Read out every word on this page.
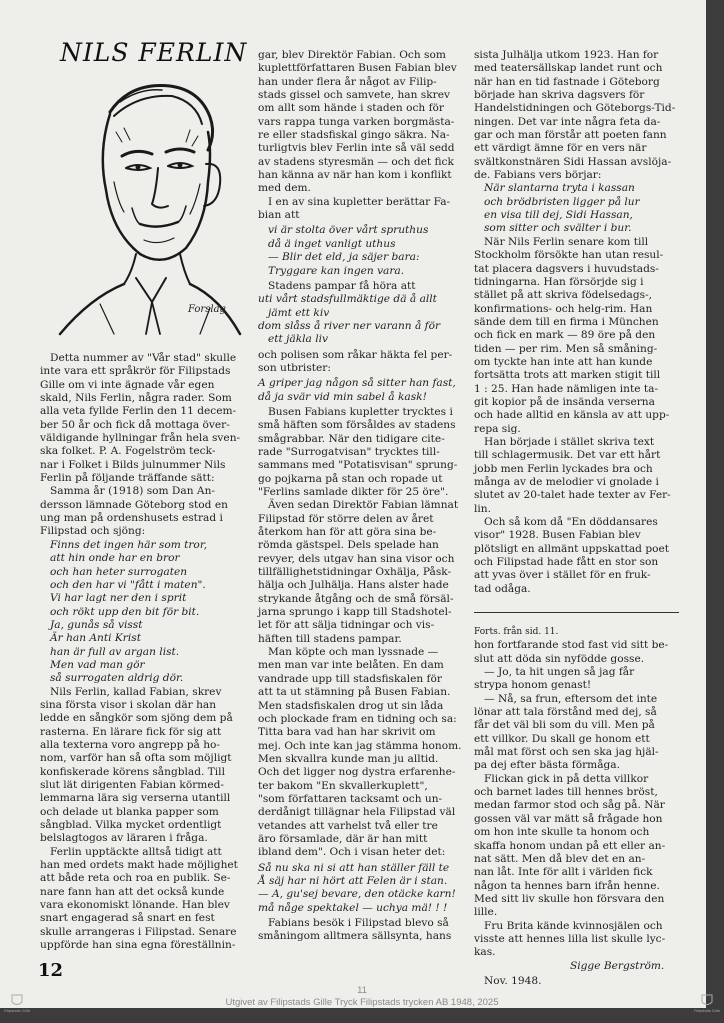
NILS FERLIN
Forslag

Detta nummer av "Vår stad" skulle

inte vara ett språkrör för Filipstads

Gille om vi inte ägnade vår egen

skald, Nils Ferlin, några rader. Som

alla veta fyllde Ferlin den 11 decem-

ber 50 år och fick då mottaga över-

väldigande hyllningar från hela sven-

ska folket. P. A. Fogelström teck-

nar i Folket i Bilds julnummer Nils

Ferlin på följande träffande sätt:

Samma år (1918) som Dan An-

dersson lämnade Göteborg stod en

ung man på ordenshusets estrad i

Filipstad och sjöng:

Finns det ingen här som tror,

att hin onde har en bror

och han heter surrogaten

och den har vi "fått i maten".

Vi har lagt ner den i sprit

och rökt upp den bit för bit.

Ja, gunås så visst

Är han Anti Krist

han är full av argan list.

Men vad man gör

så surrogaten aldrig dör.

Nils Ferlin, kallad Fabian, skrev

sina första visor i skolan där han

ledde en sångkör som sjöng dem på

rasterna. En lärare fick för sig att

alla texterna voro angrepp på ho-

nom, varför han så ofta som möjligt

konfiskerade körens sångblad. Till

slut lät dirigenten Fabian körmed-

lemmarna lära sig verserna utantill

och delade ut blanka papper som

sångblad. Vilka mycket ordentligt

belslagtogos av läraren i fråga.

Ferlin upptäckte alltså tidigt att

han med ordets makt hade möjlighet

att både reta och roa en publik. Se-

nare fann han att det också kunde

vara ekonomiskt lönande. Han blev

snart engagerad så snart en fest

skulle arrangeras i Filipstad. Senare

uppförde han sina egna föreställnin-

gar, blev Direktör Fabian. Och som

kuplettförfattaren Busen Fabian blev

han under flera år något av Filip-

stads gissel och samvete, han skrev

om allt som hände i staden och för

vars rappa tunga varken borgmästa-

re eller stadsfiskal gingo säkra. Na-

turligtvis blev Ferlin inte så väl sedd

av stadens styresmän — och det fick

han känna av när han kom i konflikt

med dem.

I en av sina kupletter berättar Fa-

bian att

vi är stolta över vårt spruthus

då ä inget vanligt uthus

— Blir det eld, ja säjer bara:

Tryggare kan ingen vara.

Stadens pampar få höra att

uti vårt stadsfullmäktige dä å allt

jämt ett kiv

dom slåss å river ner varann å för

ett jäkla liv

och polisen som råkar häkta fel per-

son utbrister:

A griper jag någon så sitter han fast,

då ja svär vid min sabel å kask!

Busen Fabians kupletter trycktes i

små häften som försåldes av stadens

smågrabbar. När den tidigare cite-

rade "Surrogatvisan" trycktes till-

sammans med "Potatisvisan" sprung-

go pojkarna på stan och ropade ut

"Ferlins samlade dikter för 25 öre".

Även sedan Direktör Fabian lämnat

Filipstad för större delen av året

återkom han för att göra sina be-

römda gästspel. Dels spelade han

revyer, dels utgav han sina visor och

tillfällighetstidningar Oxhälja, Påsk-

hälja och Julhälja. Hans alster hade

strykande åtgång och de små försäl-

jarna sprungo i kapp till Stadshotel-

let för att sälja tidningar och vis-

häften till stadens pampar.

Man köpte och man lyssnade —

men man var inte belåten. En dam

vandrade upp till stadsfiskalen för

att ta ut stämning på Busen Fabian.

Men stadsfiskalen drog ut sin låda

och plockade fram en tidning och sa:

Titta bara vad han har skrivit om

mej. Och inte kan jag stämma honom.

Men skvallra kunde man ju alltid.

Och det ligger nog dystra erfarenhe-

ter bakom "En skvallerkuplett",

"som författaren tacksamt och un-

derdånigt tillägnar hela Filipstad väl

vetandes att varhelst två eller tre

äro församlade, där är han mitt

ibland dem". Och i visan heter det:

Så nu ska ni si att han ställer fäll te

Å säj har ni hört att Felen är i stan.

— A, gu'sej bevare, den otäcke karn!

må någe spektakel — uchya mä! ! !

Fabians besök i Filipstad blevo så

småningom alltmera sällsynta, hans

sista Julhälja utkom 1923. Han for

med teatersällskap landet runt och

när han en tid fastnade i Göteborg

började han skriva dagsvers för

Handelstidningen och Göteborgs-Tid-

ningen. Det var inte några feta da-

gar och man förstår att poeten fann

ett värdigt ämne för en vers när

svältkonstnären Sidi Hassan avslöja-

de. Fabians vers börjar:

När slantarna tryta i kassan

och brödbristen ligger på lur

en visa till dej, Sidi Hassan,

som sitter och svälter i bur.

När Nils Ferlin senare kom till

Stockholm försökte han utan resul-

tat placera dagsvers i huvudstads-

tidningarna. Han försörjde sig i

stället på att skriva födelsedags-,

konfirmations- och helg-rim. Han

sände dem till en firma i München

och fick en mark — 89 öre på den

tiden — per rim. Men så småning-

om tyckte han inte att han kunde

fortsätta trots att marken stigit till

1 : 25. Han hade nämligen inte ta-

git kopior på de insända verserna

och hade alltid en känsla av att upp-

repa sig.

Han började i stället skriva text

till schlagermusik. Det var ett hårt

jobb men Ferlin lyckades bra och

många av de melodier vi gnolade i

slutet av 20-talet hade texter av Fer-

lin.

Och så kom då "En döddansares

visor" 1928. Busen Fabian blev

plötsligt en allmänt uppskattad poet

och Filipstad hade fått en stor son

att yvas över i stället för en fruk-

tad odåga.

Forts. från sid. 11.

hon fortfarande stod fast vid sitt be-

slut att döda sin nyfödde gosse.

— Jo, ta hit ungen så jag får

strypa honom genast!

— Nå, sa frun, eftersom det inte

lönar att tala förstånd med dej, så

får det väl bli som du vill. Men på

ett villkor. Du skall ge honom ett

mål mat först och sen ska jag hjäl-

pa dej efter bästa förmåga.

Flickan gick in på detta villkor

och barnet lades till hennes bröst,

medan farmor stod och såg på. När

gossen väl var mätt så frågade hon

om hon inte skulle ta honom och

skaffa honom undan på ett eller an-

nat sätt. Men då blev det en an-

nan låt. Inte för allt i världen fick

någon ta hennes barn ifrån henne.

Med sitt liv skulle hon försvara den

lille.

Fru Brita kände kvinnosjälen och

visste att hennes lilla list skulle lyc-

kas.

Sigge Bergström.

Nov. 1948.

12
11
Utgivet av Filipstads Gille Tryck Filipstads trycken AB 1948, 2025
Filipstads Gille	Filipstads Gille
